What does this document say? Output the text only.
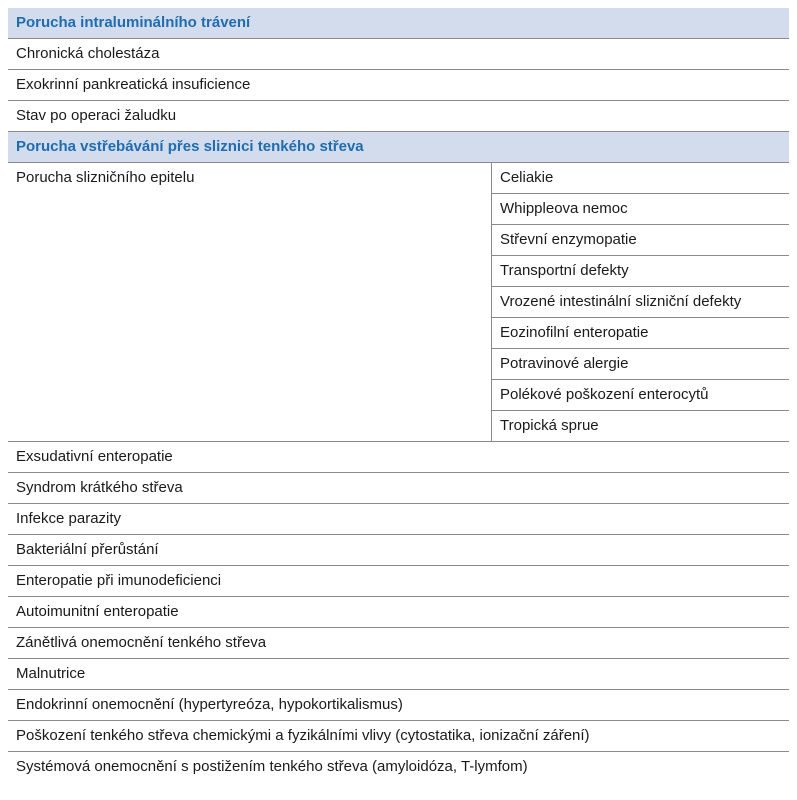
Porucha intraluminálního trávení
Chronická cholestáza
Exokrinní pankreatická insuficience
Stav po operaci žaludku
Porucha vstřebávání přes sliznici tenkého střeva
Porucha slizničního epitelu	Celiakie
Whippleova nemoc
Střevní enzymopatie
Transportní defekty
Vrozené intestinální slizniční defekty
Eozinofilní enteropatie
Potravinové alergie
Polékové poškození enterocytů
Tropická sprue
Exsudativní enteropatie
Syndrom krátkého střeva
Infekce parazity
Bakteriální přerůstání
Enteropatie při imunodeficienci
Autoimunitní enteropatie
Zánětlivá onemocnění tenkého střeva
Malnutrice
Endokrinní onemocnění (hypertyreóza, hypokortikalismus)
Poškození tenkého střeva chemickými a fyzikálními vlivy (cytostatika, ionizační záření)
Systémová onemocnění s postižením tenkého střeva (amyloidóza, T-lymfom)
